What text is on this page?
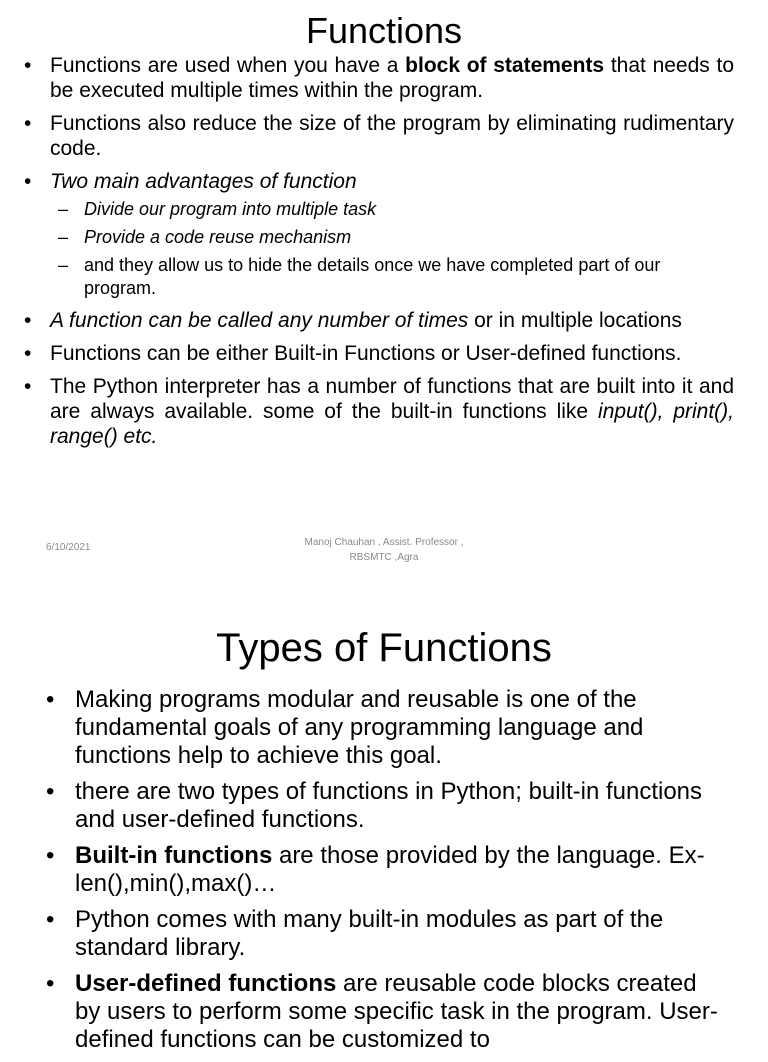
Functions
• Functions are used when you have a block of statements that needs to be executed multiple times within the program.
• Functions also reduce the size of the program by eliminating rudimentary code.
• Two main advantages of function
– Divide our program into multiple task
– Provide a code reuse mechanism
– and they allow us to hide the details once we have completed part of our program.
• A function can be called any number of times or in multiple locations
• Functions can be either Built-in Functions or User-defined functions.
• The Python interpreter has a number of functions that are built into it and are always available. some of the built-in functions like input(), print(), range() etc.
6/10/2021	Manoj Chauhan , Assist. Professor ,
RBSMTC ,Agra
Types of Functions
• Making programs modular and reusable is one of the fundamental goals of any programming language and functions help to achieve this goal.
• there are two types of functions in Python; built-in functions and user-defined functions.
• Built-in functions are those provided by the language. Ex- len(),min(),max()…
• Python comes with many built-in modules as part of the standard library.
• User-defined functions are reusable code blocks created by users to perform some specific task in the program. User-defined functions can be customized to
